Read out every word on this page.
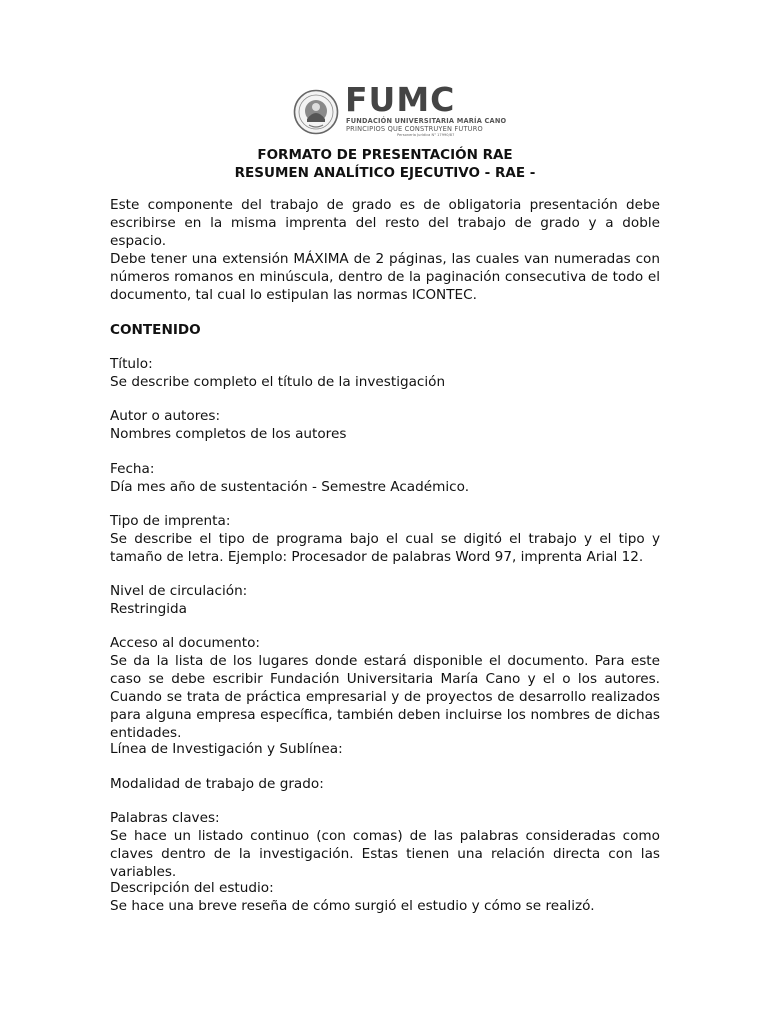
FUMC
FUNDACIÓN UNIVERSITARIA MARÍA CANO
PRINCIPIOS QUE CONSTRUYEN FUTURO
Personería Jurídica N° 17990/87
FORMATO DE PRESENTACIÓN RAE
RESUMEN ANALÍTICO EJECUTIVO - RAE -
Este componente del trabajo de grado es de obligatoria presentación debe escribirse en la misma imprenta del resto del trabajo de grado y a doble espacio.
Debe tener una extensión MÁXIMA de 2 páginas, las cuales van numeradas con números romanos en minúscula, dentro de la paginación consecutiva de todo el documento, tal cual lo estipulan las normas ICONTEC.
CONTENIDO
Título:
Se describe completo el título de la investigación
Autor o autores:
Nombres completos de los autores
Fecha:
Día mes año de sustentación - Semestre Académico.
Tipo de imprenta:
Se describe el tipo de programa bajo el cual se digitó el trabajo y el tipo y tamaño de letra. Ejemplo: Procesador de palabras Word 97, imprenta Arial 12.
Nivel de circulación:
Restringida
Acceso al documento:
Se da la lista de los lugares donde estará disponible el documento. Para este caso se debe escribir Fundación Universitaria María Cano y el o los autores. Cuando se trata de práctica empresarial y de proyectos de desarrollo realizados para alguna empresa específica, también deben incluirse los nombres de dichas entidades.
Línea de Investigación y Sublínea:
Modalidad de trabajo de grado:
Palabras claves:
Se hace un listado continuo (con comas) de las palabras consideradas como claves dentro de la investigación. Estas tienen una relación directa con las variables.
Descripción del estudio:
Se hace una breve reseña de cómo surgió el estudio y cómo se realizó.
